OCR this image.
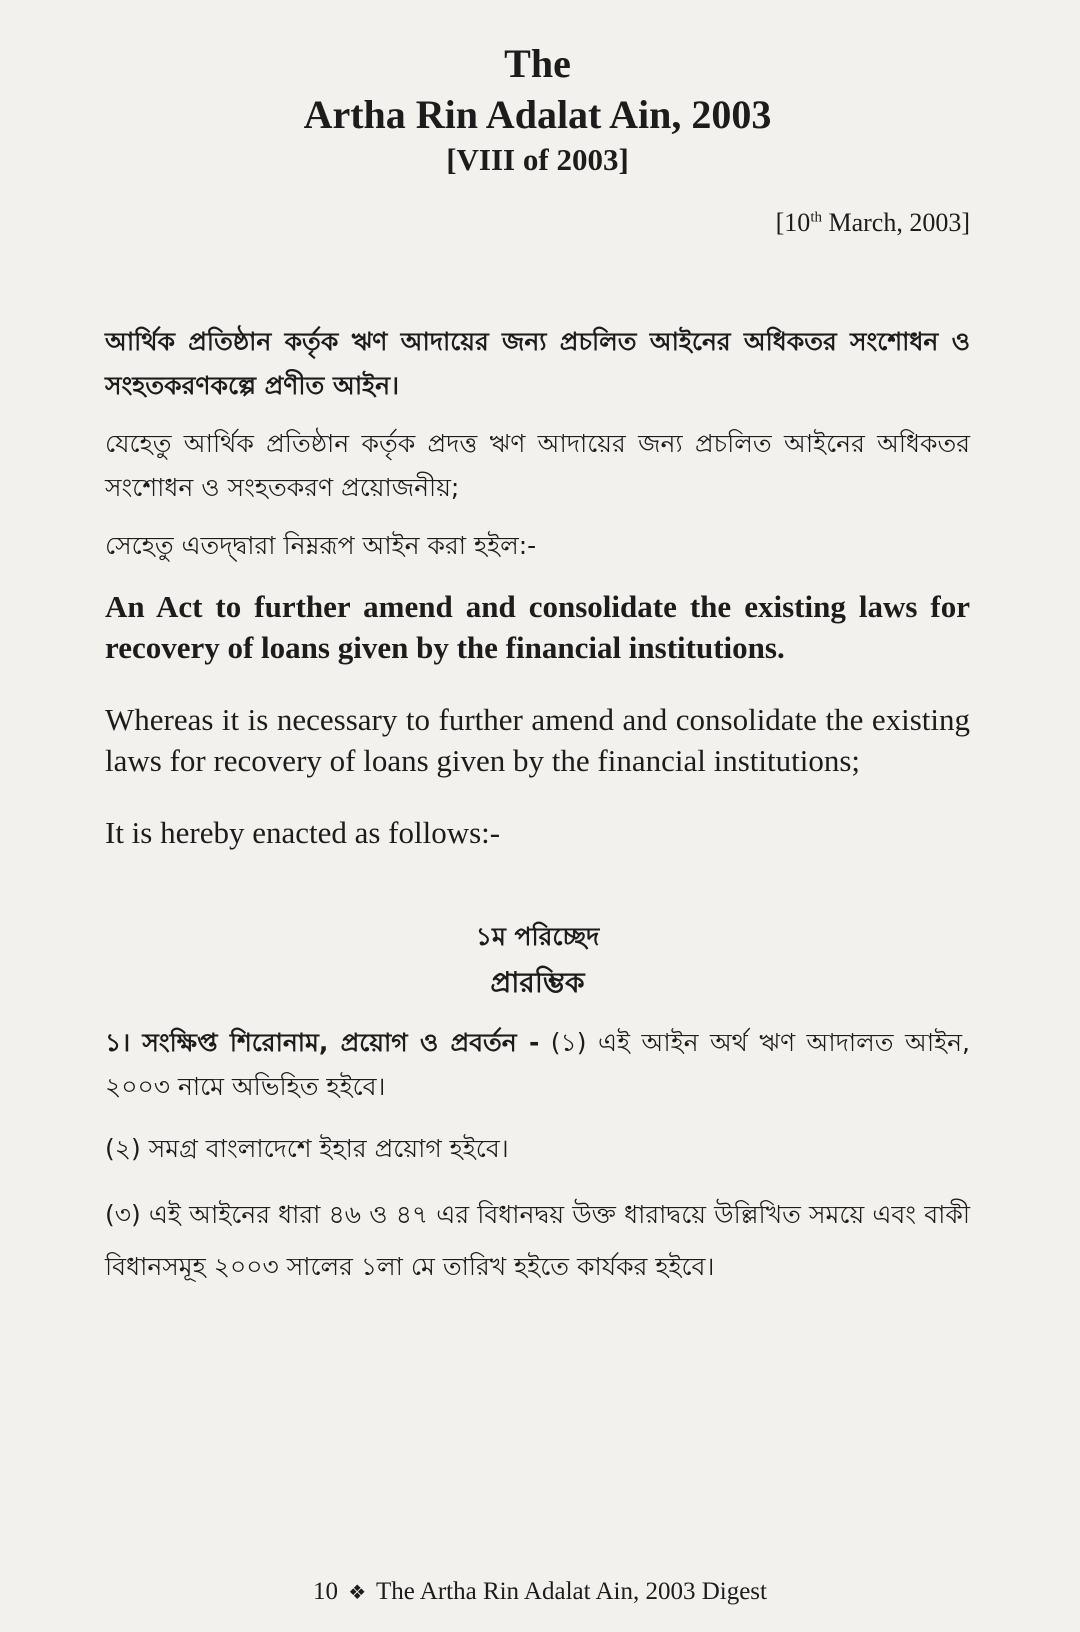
The
Artha Rin Adalat Ain, 2003
[VIII of 2003]
[10th March, 2003]

আর্থিক প্রতিষ্ঠান কর্তৃক ঋণ আদায়ের জন্য প্রচলিত আইনের অধিকতর সংশোধন ও সংহতকরণকল্পে প্রণীত আইন।

যেহেতু আর্থিক প্রতিষ্ঠান কর্তৃক প্রদত্ত ঋণ আদায়ের জন্য প্রচলিত আইনের অধিকতর সংশোধন ও সংহতকরণ প্রয়োজনীয়;

সেহেতু এতদ্দ্বারা নিম্নরূপ আইন করা হইল:-

An Act to further amend and consolidate the existing laws for recovery of loans given by the financial institutions.

Whereas it is necessary to further amend and consolidate the existing laws for recovery of loans given by the financial institutions;

It is hereby enacted as follows:-

১ম পরিচ্ছেদ
প্রারম্ভিক

১। সংক্ষিপ্ত শিরোনাম, প্রয়োগ ও প্রবর্তন - (১) এই আইন অর্থ ঋণ আদালত আইন, ২০০৩ নামে অভিহিত হইবে।

(২) সমগ্র বাংলাদেশে ইহার প্রয়োগ হইবে।

(৩) এই আইনের ধারা ৪৬ ও ৪৭ এর বিধানদ্বয় উক্ত ধারাদ্বয়ে উল্লিখিত সময়ে এবং বাকী বিধানসমূহ ২০০৩ সালের ১লা মে তারিখ হইতে কার্যকর হইবে।

10 ❖ The Artha Rin Adalat Ain, 2003 Digest
